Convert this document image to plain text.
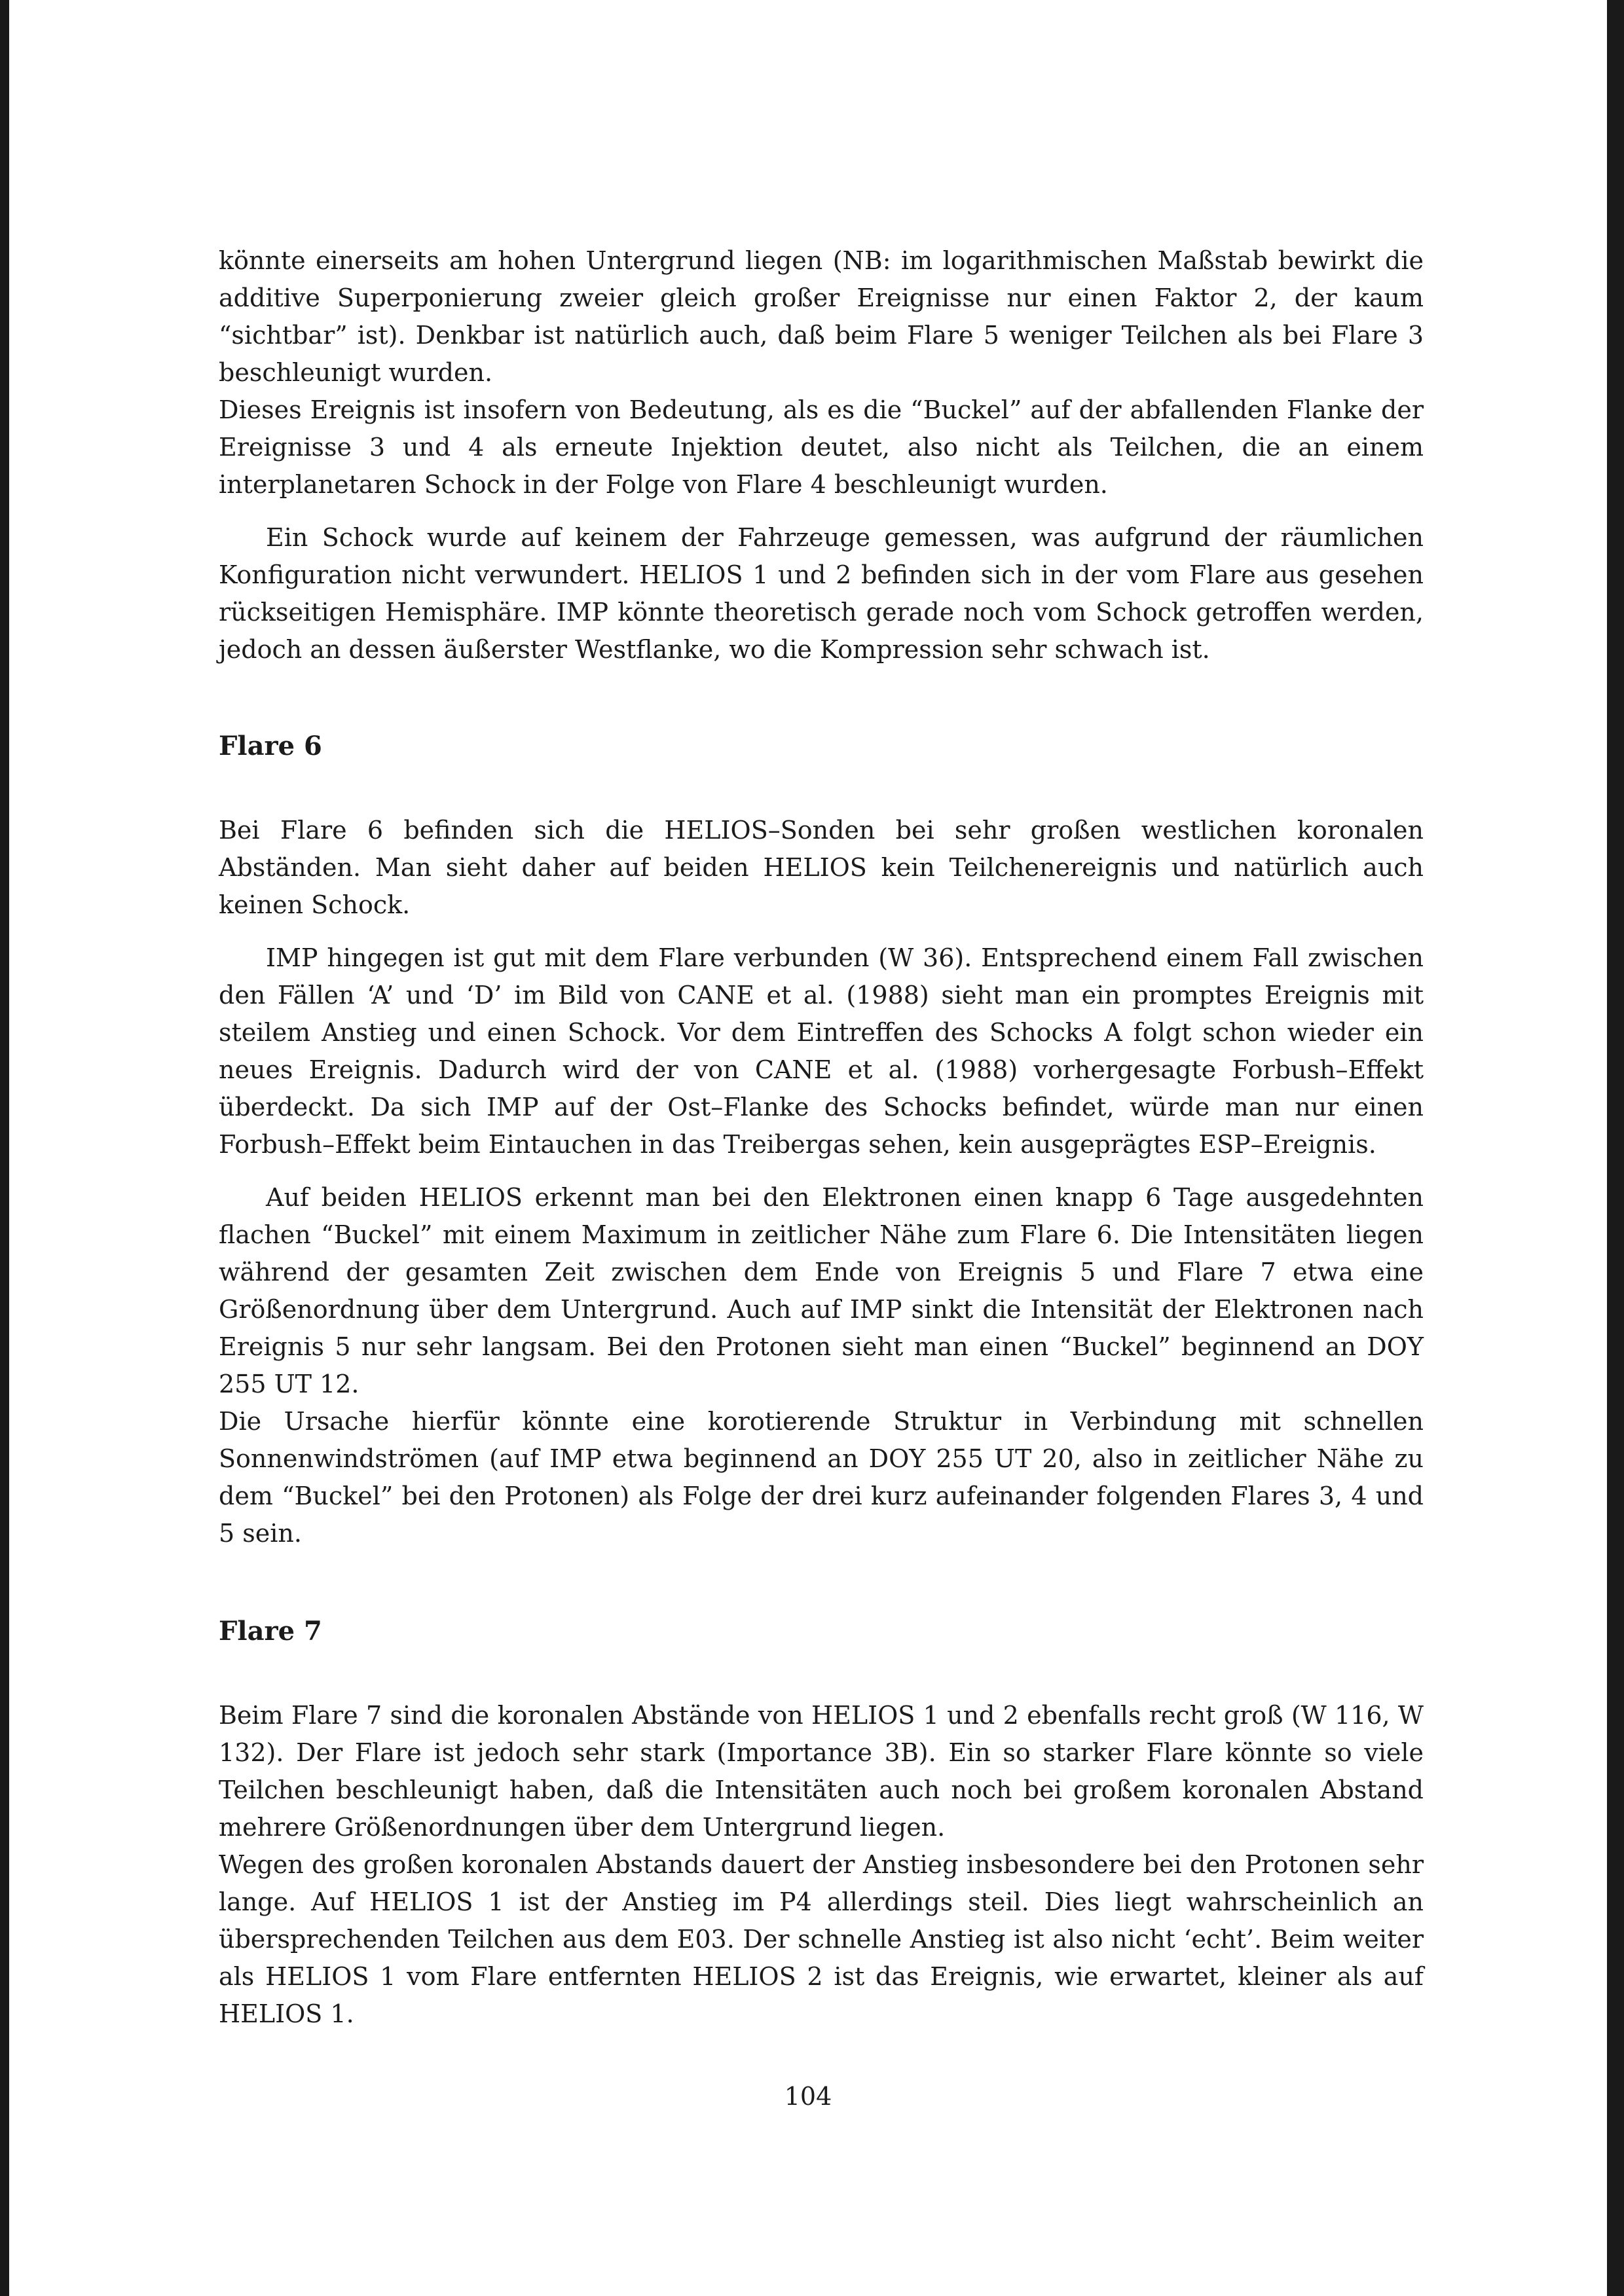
könnte einerseits am hohen Untergrund liegen (NB: im logarithmischen Maßstab bewirkt die additive Superponierung zweier gleich großer Ereignisse nur einen Faktor 2, der kaum “sichtbar” ist). Denkbar ist natürlich auch, daß beim Flare 5 weniger Teilchen als bei Flare 3 beschleunigt wurden.

Dieses Ereignis ist insofern von Bedeutung, als es die “Buckel” auf der abfallenden Flanke der Ereignisse 3 und 4 als erneute Injektion deutet, also nicht als Teilchen, die an einem interplanetaren Schock in der Folge von Flare 4 beschleunigt wurden.

Ein Schock wurde auf keinem der Fahrzeuge gemessen, was aufgrund der räumlichen Konfiguration nicht verwundert. HELIOS 1 und 2 befinden sich in der vom Flare aus gesehen rückseitigen Hemisphäre. IMP könnte theoretisch gerade noch vom Schock getroffen werden, jedoch an dessen äußerster Westflanke, wo die Kompression sehr schwach ist.

Flare 6

Bei Flare 6 befinden sich die HELIOS–Sonden bei sehr großen westlichen koronalen Abständen. Man sieht daher auf beiden HELIOS kein Teilchenereignis und natürlich auch keinen Schock.

IMP hingegen ist gut mit dem Flare verbunden (W 36). Entsprechend einem Fall zwischen den Fällen ‘A’ und ‘D’ im Bild von CANE et al. (1988) sieht man ein promptes Ereignis mit steilem Anstieg und einen Schock. Vor dem Eintreffen des Schocks A folgt schon wieder ein neues Ereignis. Dadurch wird der von CANE et al. (1988) vorhergesagte Forbush–Effekt überdeckt. Da sich IMP auf der Ost–Flanke des Schocks befindet, würde man nur einen Forbush–Effekt beim Eintauchen in das Treibergas sehen, kein ausgeprägtes ESP–Ereignis.

Auf beiden HELIOS erkennt man bei den Elektronen einen knapp 6 Tage ausgedehnten flachen “Buckel” mit einem Maximum in zeitlicher Nähe zum Flare 6. Die Intensitäten liegen während der gesamten Zeit zwischen dem Ende von Ereignis 5 und Flare 7 etwa eine Größenordnung über dem Untergrund. Auch auf IMP sinkt die Intensität der Elektronen nach Ereignis 5 nur sehr langsam. Bei den Protonen sieht man einen “Buckel” beginnend an DOY 255 UT 12.

Die Ursache hierfür könnte eine korotierende Struktur in Verbindung mit schnellen Sonnenwindströmen (auf IMP etwa beginnend an DOY 255 UT 20, also in zeitlicher Nähe zu dem “Buckel” bei den Protonen) als Folge der drei kurz aufeinander folgenden Flares 3, 4 und 5 sein.

Flare 7

Beim Flare 7 sind die koronalen Abstände von HELIOS 1 und 2 ebenfalls recht groß (W 116, W 132). Der Flare ist jedoch sehr stark (Importance 3B). Ein so starker Flare könnte so viele Teilchen beschleunigt haben, daß die Intensitäten auch noch bei großem koronalen Abstand mehrere Größenordnungen über dem Untergrund liegen.

Wegen des großen koronalen Abstands dauert der Anstieg insbesondere bei den Protonen sehr lange. Auf HELIOS 1 ist der Anstieg im P4 allerdings steil. Dies liegt wahrscheinlich an übersprechenden Teilchen aus dem E03. Der schnelle Anstieg ist also nicht ‘echt’. Beim weiter als HELIOS 1 vom Flare entfernten HELIOS 2 ist das Ereignis, wie erwartet, kleiner als auf HELIOS 1.

104
